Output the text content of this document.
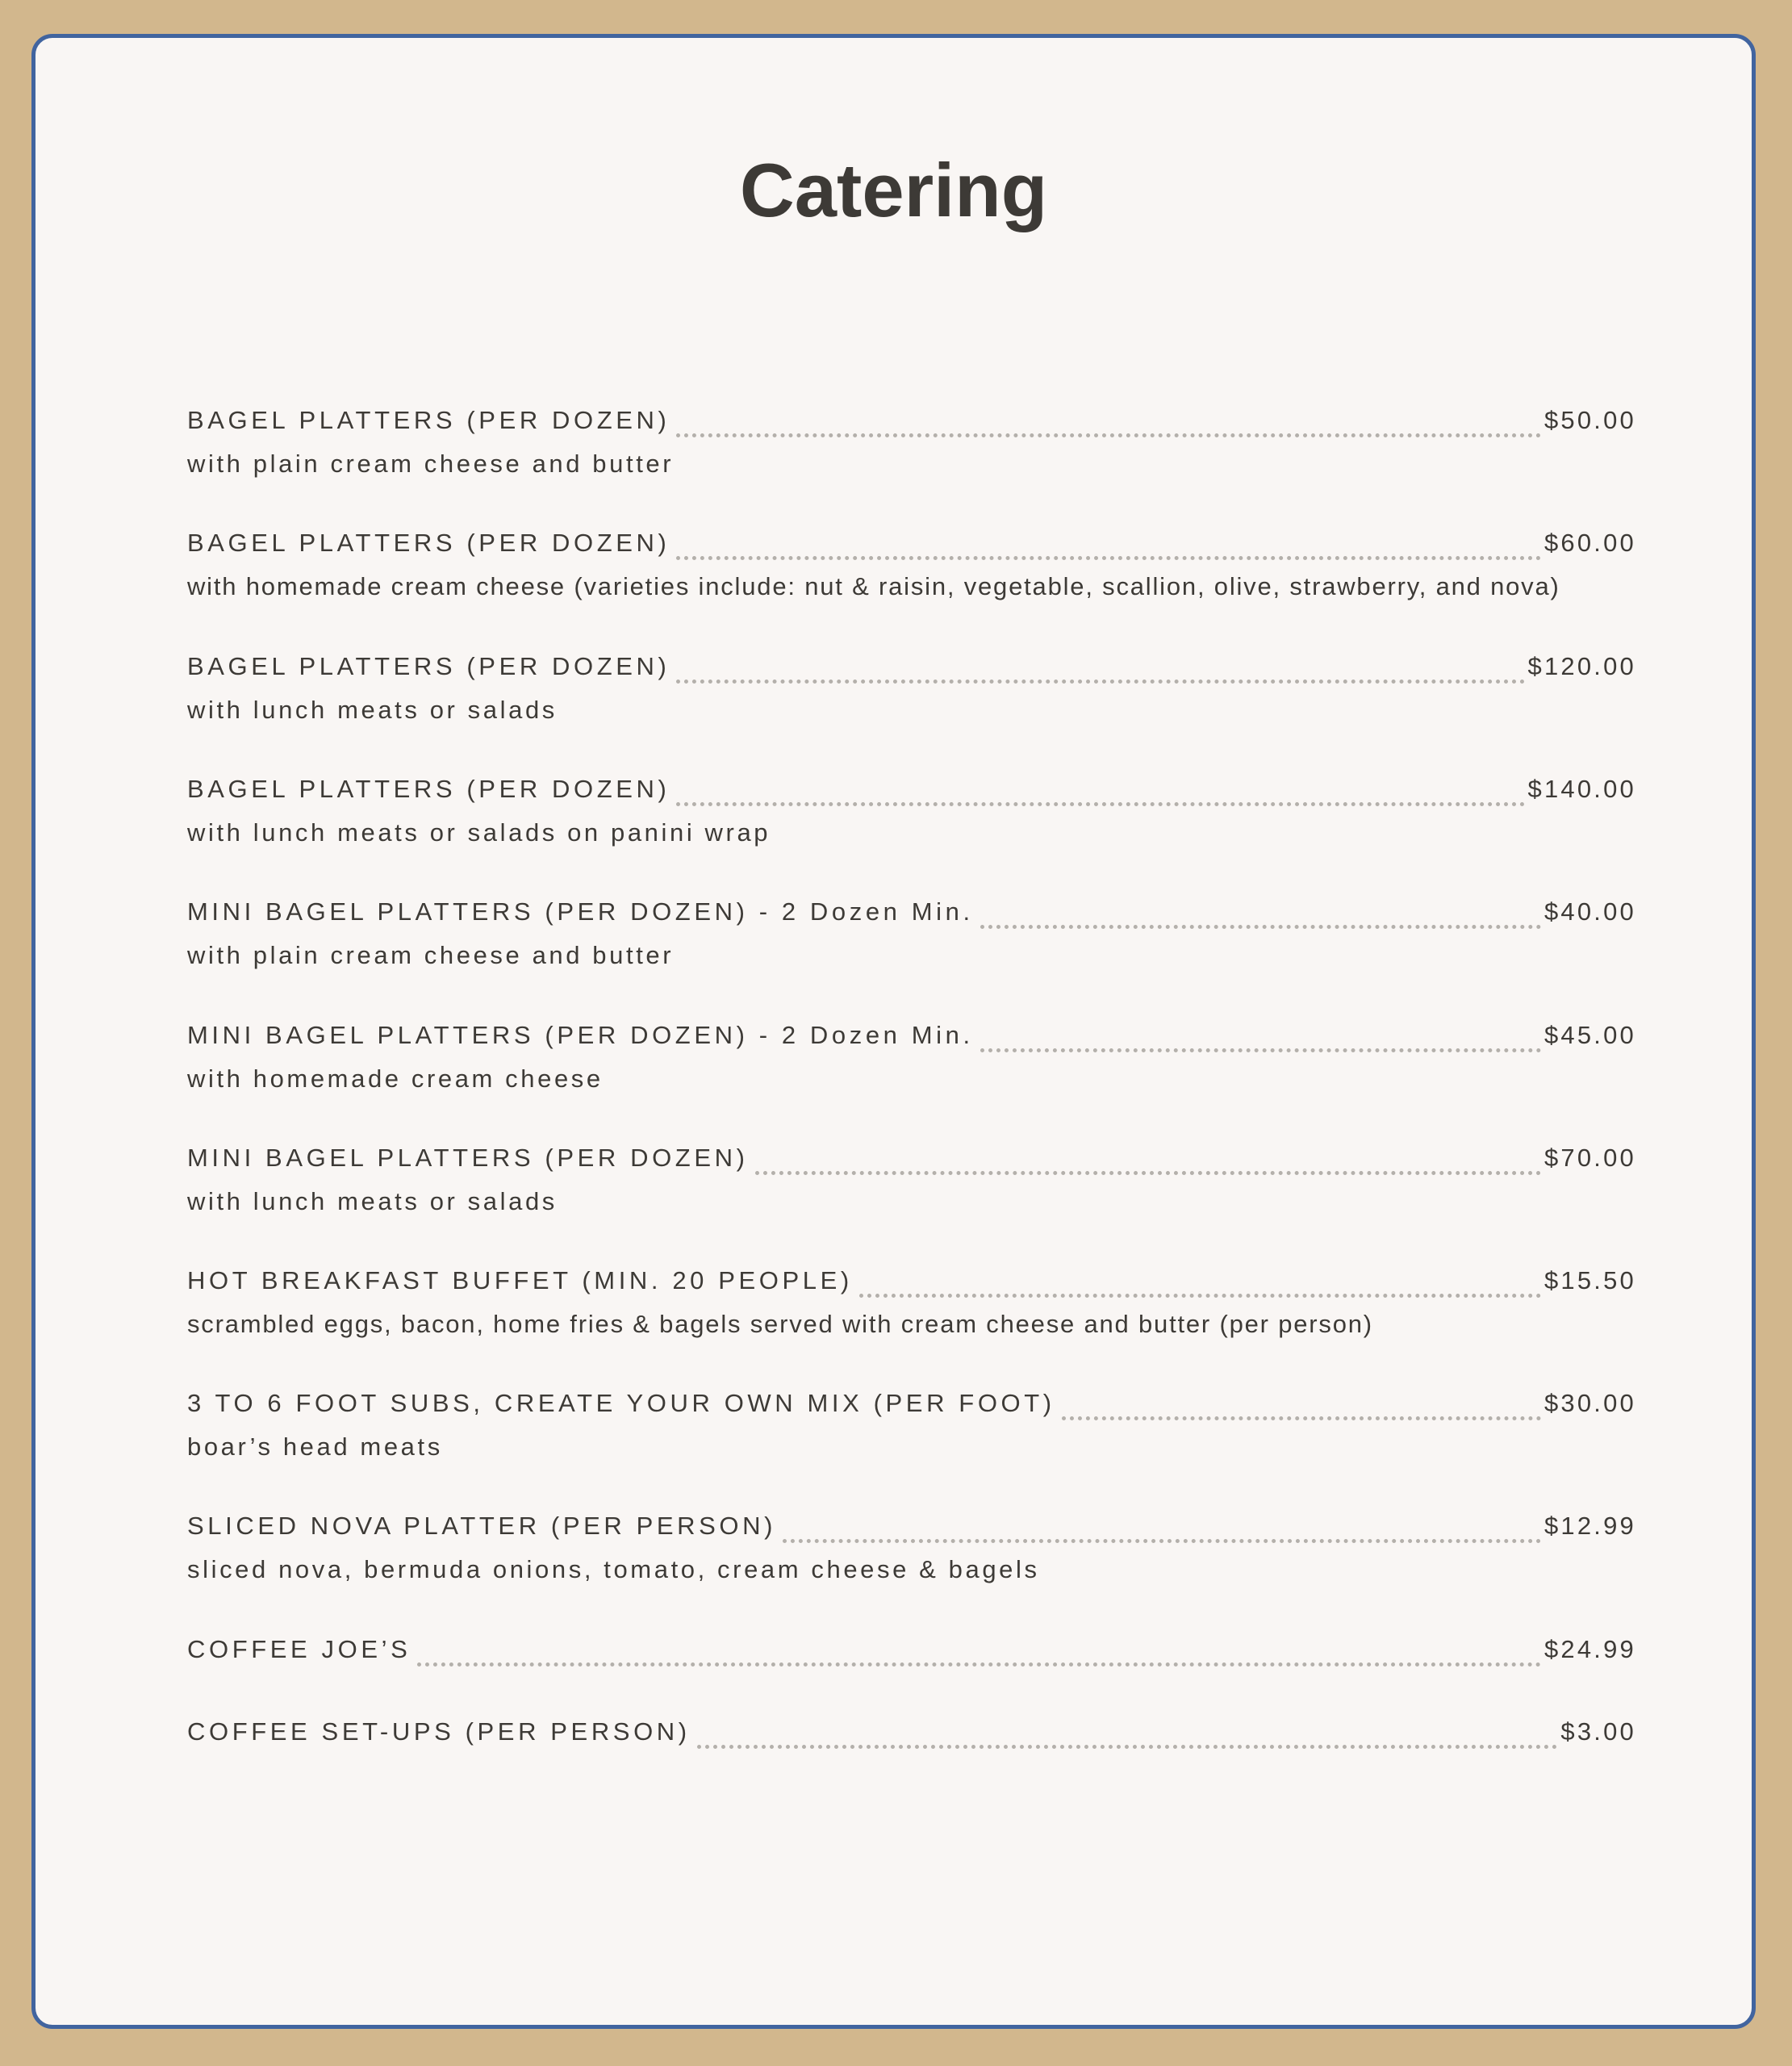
Catering
BAGEL PLATTERS (PER DOZEN)	$50.00
with plain cream cheese and butter
BAGEL PLATTERS (PER DOZEN)	$60.00
with homemade cream cheese (varieties include: nut & raisin, vegetable, scallion, olive, strawberry, and nova)
BAGEL PLATTERS (PER DOZEN)	$120.00
with lunch meats or salads
BAGEL PLATTERS (PER DOZEN)	$140.00
with lunch meats or salads on panini wrap
MINI BAGEL PLATTERS (PER DOZEN) - 2 Dozen Min.	$40.00
with plain cream cheese and butter
MINI BAGEL PLATTERS (PER DOZEN) - 2 Dozen Min.	$45.00
with homemade cream cheese
MINI BAGEL PLATTERS (PER DOZEN)	$70.00
with lunch meats or salads
HOT BREAKFAST BUFFET (MIN. 20 PEOPLE)	$15.50
scrambled eggs, bacon, home fries & bagels served with cream cheese and butter (per person)
3 TO 6 FOOT SUBS, CREATE YOUR OWN MIX (PER FOOT)	$30.00
boar’s head meats
SLICED NOVA PLATTER (PER PERSON)	$12.99
sliced nova, bermuda onions, tomato, cream cheese & bagels
COFFEE JOE’S	$24.99
COFFEE SET-UPS (PER PERSON)	$3.00
